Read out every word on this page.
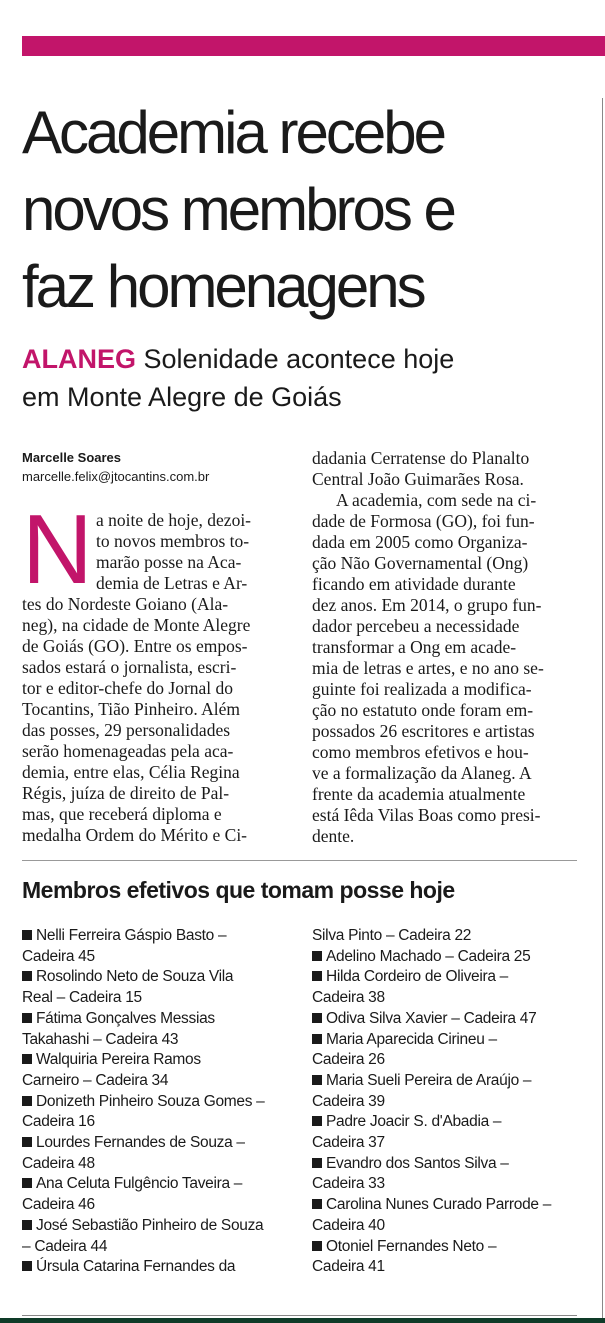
Academia recebe
novos membros e
faz homenagens
ALANEG Solenidade acontece hoje
em Monte Alegre de Goiás
Marcelle Soares
marcelle.felix@jtocantins.com.br
N a noite de hoje, dezoi-
to novos membros to-
marão posse na Aca-
demia de Letras e Ar-
tes do Nordeste Goiano (Ala-
neg), na cidade de Monte Alegre
de Goiás (GO). Entre os empos-
sados estará o jornalista, escri-
tor e editor-chefe do Jornal do
Tocantins, Tião Pinheiro. Além
das posses, 29 personalidades
serão homenageadas pela aca-
demia, entre elas, Célia Regina
Régis, juíza de direito de Pal-
mas, que receberá diploma e
medalha Ordem do Mérito e Ci-
dadania Cerratense do Planalto
Central João Guimarães Rosa.
A academia, com sede na ci-
dade de Formosa (GO), foi fun-
dada em 2005 como Organiza-
ção Não Governamental (Ong)
ficando em atividade durante
dez anos. Em 2014, o grupo fun-
dador percebeu a necessidade
transformar a Ong em acade-
mia de letras e artes, e no ano se-
guinte foi realizada a modifica-
ção no estatuto onde foram em-
possados 26 escritores e artistas
como membros efetivos e hou-
ve a formalização da Alaneg. A
frente da academia atualmente
está Iêda Vilas Boas como presi-
dente.
Membros efetivos que tomam posse hoje
Nelli Ferreira Gáspio Basto –
Cadeira 45
Rosolindo Neto de Souza Vila
Real – Cadeira 15
Fátima Gonçalves Messias
Takahashi – Cadeira 43
Walquiria Pereira Ramos
Carneiro – Cadeira 34
Donizeth Pinheiro Souza Gomes –
Cadeira 16
Lourdes Fernandes de Souza –
Cadeira 48
Ana Celuta Fulgêncio Taveira –
Cadeira 46
José Sebastião Pinheiro de Souza
– Cadeira 44
Úrsula Catarina Fernandes da
Silva Pinto – Cadeira 22
Adelino Machado – Cadeira 25
Hilda Cordeiro de Oliveira –
Cadeira 38
Odiva Silva Xavier – Cadeira 47
Maria Aparecida Cirineu –
Cadeira 26
Maria Sueli Pereira de Araújo –
Cadeira 39
Padre Joacir S. d'Abadia –
Cadeira 37
Evandro dos Santos Silva –
Cadeira 33
Carolina Nunes Curado Parrode –
Cadeira 40
Otoniel Fernandes Neto –
Cadeira 41
